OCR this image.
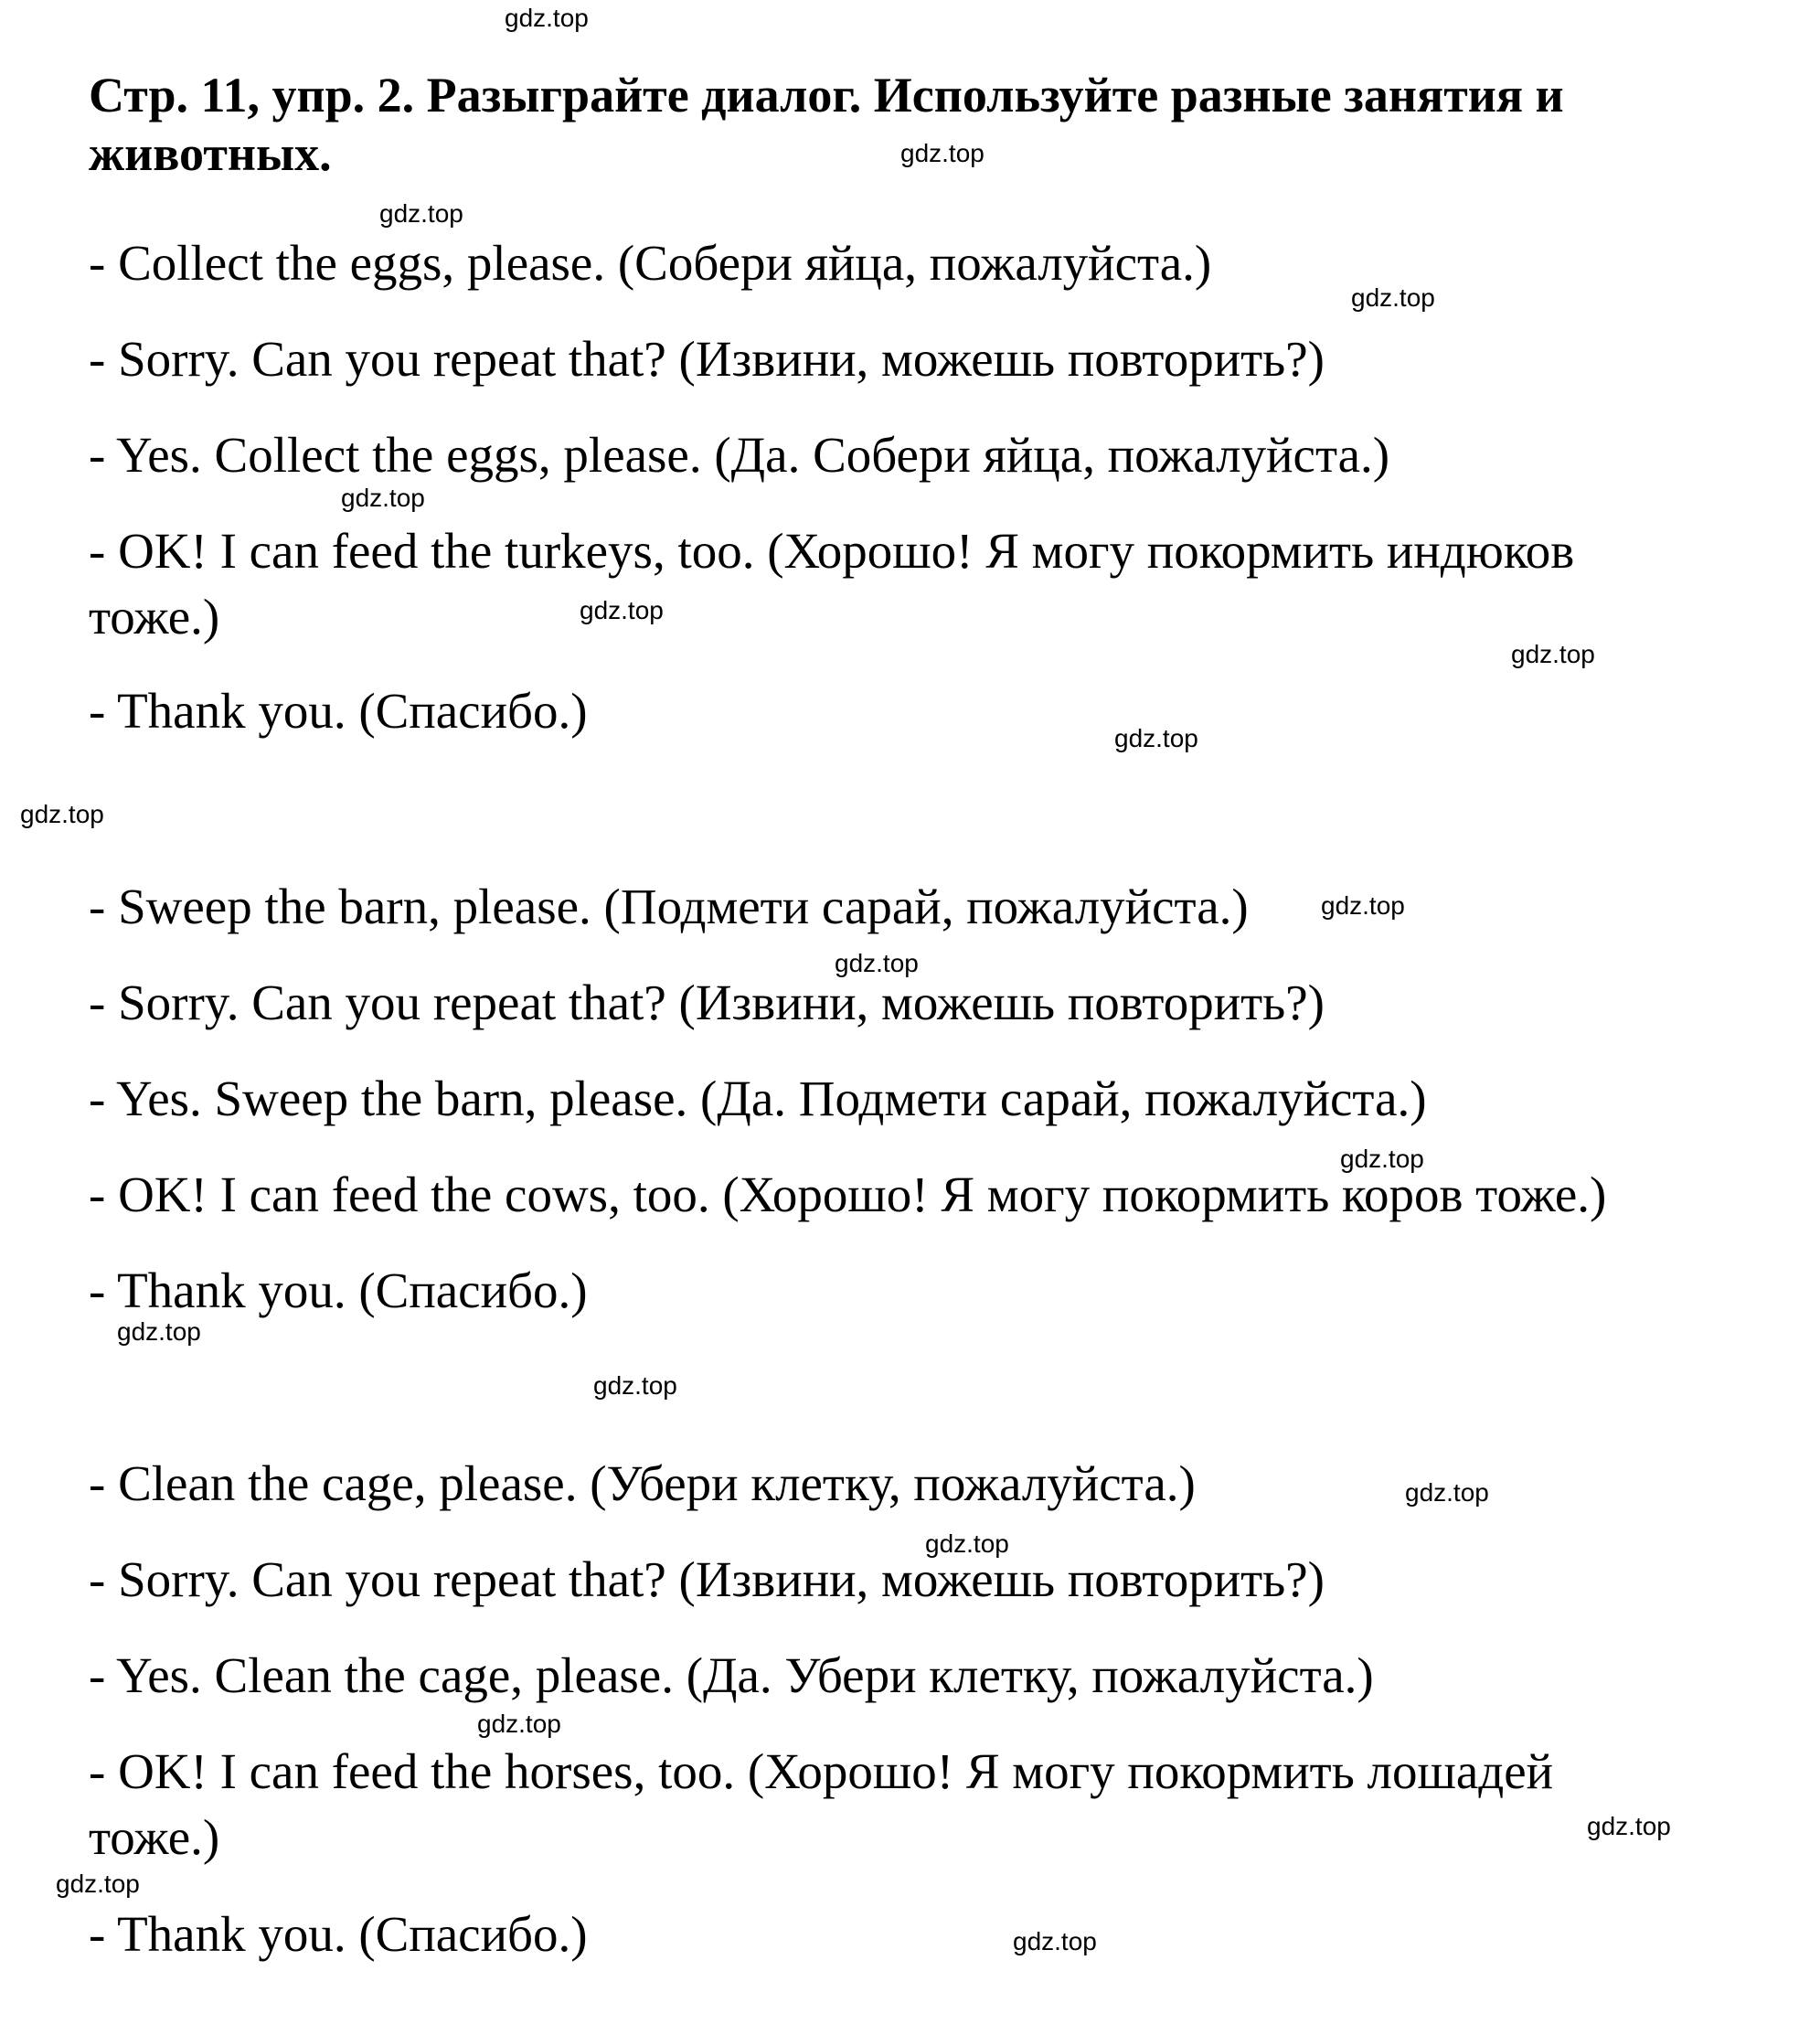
Стр. 11, упр. 2. Разыграйте диалог. Используйте разные занятия и животных.

- Collect the eggs, please. (Собери яйца, пожалуйста.)

- Sorry. Can you repeat that? (Извини, можешь повторить?)

- Yes. Collect the eggs, please. (Да. Собери яйца, пожалуйста.)

- OK! I can feed the turkeys, too. (Хорошо! Я могу покормить индюков тоже.)

- Thank you. (Спасибо.)

- Sweep the barn, please. (Подмети сарай, пожалуйста.)

- Sorry. Can you repeat that? (Извини, можешь повторить?)

- Yes. Sweep the barn, please. (Да. Подмети сарай, пожалуйста.)

- OK! I can feed the cows, too. (Хорошо! Я могу покормить коров тоже.)

- Thank you. (Спасибо.)

- Clean the cage, please. (Убери клетку, пожалуйста.)

- Sorry. Can you repeat that? (Извини, можешь повторить?)

- Yes. Clean the cage, please. (Да. Убери клетку, пожалуйста.)

- OK! I can feed the horses, too. (Хорошо! Я могу покормить лошадей тоже.)

- Thank you. (Спасибо.)

gdz.top
gdz.top
gdz.top
gdz.top
gdz.top
gdz.top
gdz.top
gdz.top
gdz.top
gdz.top
gdz.top
gdz.top
gdz.top
gdz.top
gdz.top
gdz.top
gdz.top
gdz.top
gdz.top
gdz.top
